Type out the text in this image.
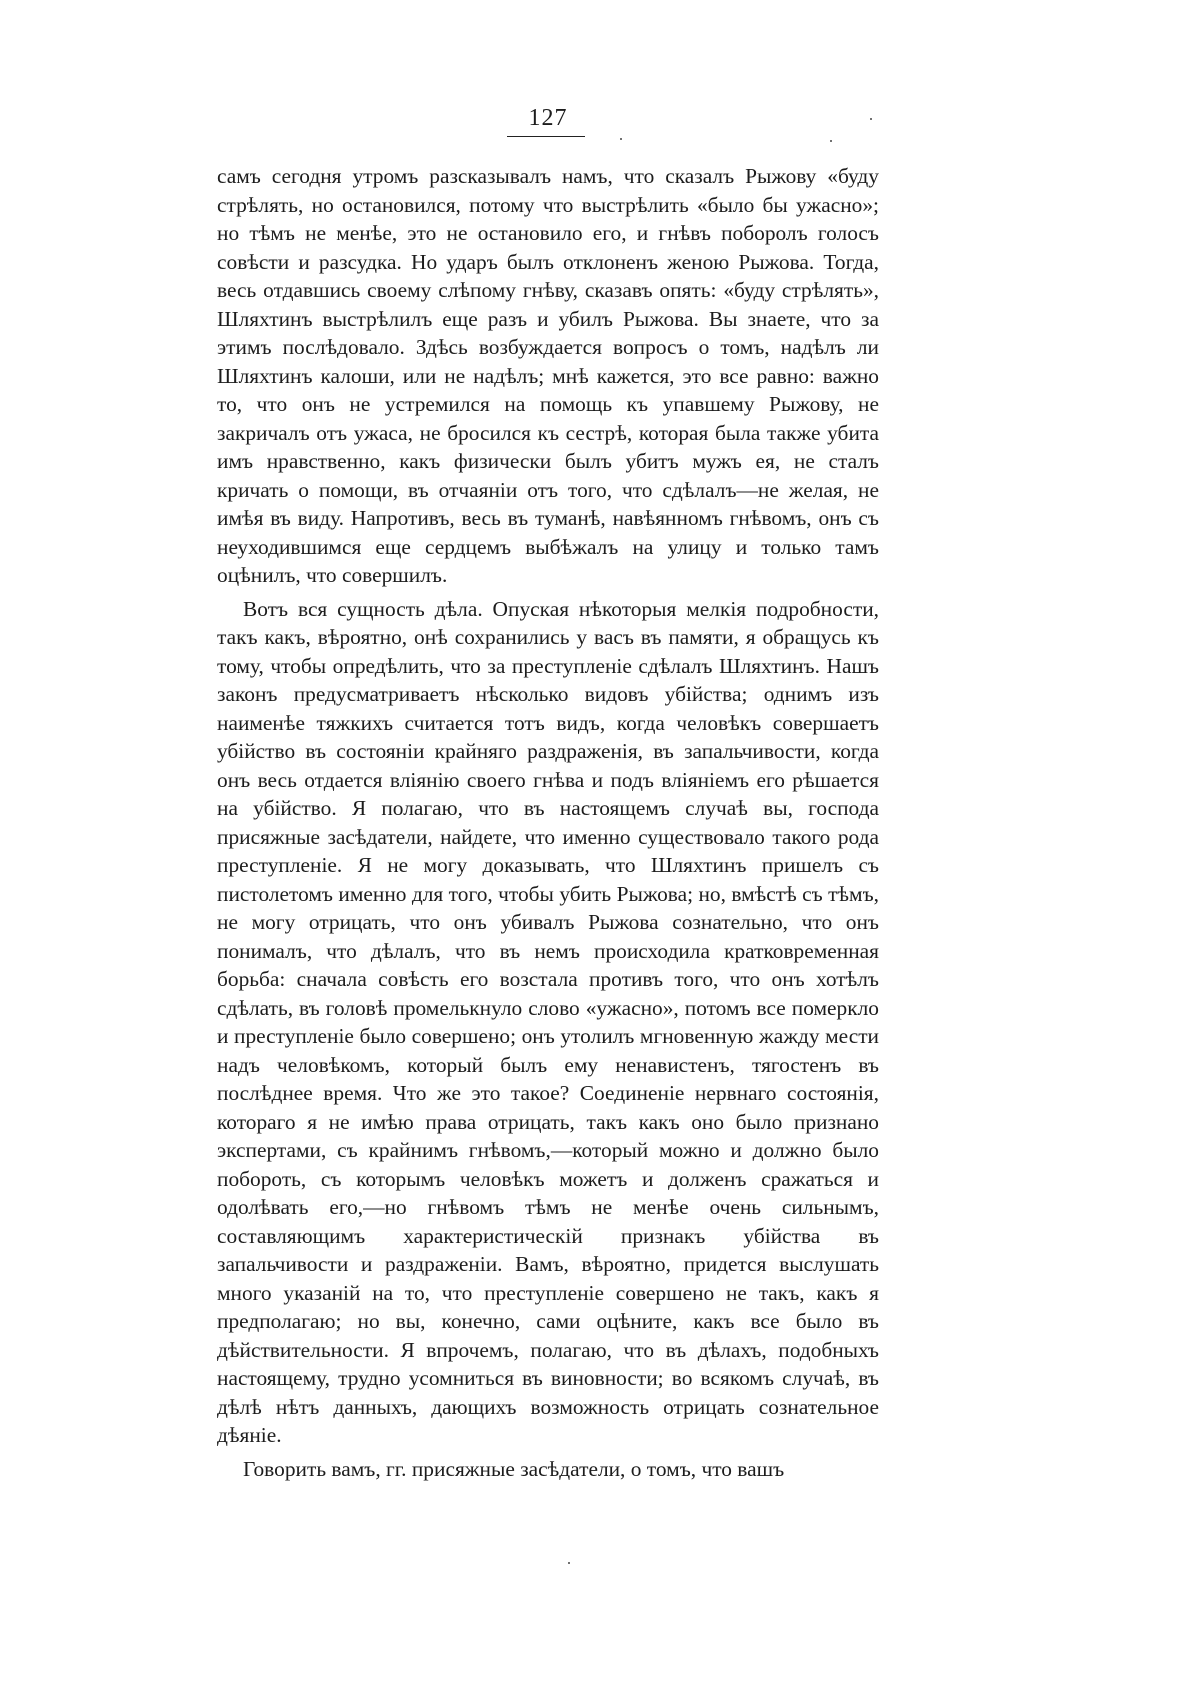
127

самъ сегодня утромъ разсказывалъ намъ, что сказалъ Рыжову «буду стрѣлять, но остановился, потому что выстрѣлить «было бы ужасно»; но тѣмъ не менѣе, это не остановило его, и гнѣвъ поборолъ голосъ совѣсти и разсудка. Но ударъ былъ отклоненъ женою Рыжова. Тогда, весь отдавшись своему слѣпому гнѣву, сказавъ опять: «буду стрѣлять», Шляхтинъ выстрѣлилъ еще разъ и убилъ Рыжова. Вы знаете, что за этимъ послѣдовало. Здѣсь возбуждается вопросъ о томъ, надѣлъ ли Шляхтинъ калоши, или не надѣлъ; мнѣ кажется, это все равно: важно то, что онъ не устремился на помощь къ упавшему Рыжову, не закричалъ отъ ужаса, не бросился къ сестрѣ, которая была также убита имъ нравственно, какъ физически былъ убитъ мужъ ея, не сталъ кричать о помощи, въ отчаяніи отъ того, что сдѣлалъ—не желая, не имѣя въ виду. Напротивъ, весь въ туманѣ, навѣянномъ гнѣвомъ, онъ съ неуходившимся еще сердцемъ выбѣжалъ на улицу и только тамъ оцѣнилъ, что совершилъ.

Вотъ вся сущность дѣла. Опуская нѣкоторыя мелкія подробности, такъ какъ, вѣроятно, онѣ сохранились у васъ въ памяти, я обращусь къ тому, чтобы опредѣлить, что за преступленіе сдѣлалъ Шляхтинъ. Нашъ законъ предусматриваетъ нѣсколько видовъ убійства; однимъ изъ наименѣе тяжкихъ считается тотъ видъ, когда человѣкъ совершаетъ убійство въ состояніи крайняго раздраженія, въ запальчивости, когда онъ весь отдается вліянію своего гнѣва и подъ вліяніемъ его рѣшается на убійство. Я полагаю, что въ настоящемъ случаѣ вы, господа присяжные засѣдатели, найдете, что именно существовало такого рода преступленіе. Я не могу доказывать, что Шляхтинъ пришелъ съ пистолетомъ именно для того, чтобы убить Рыжова; но, вмѣстѣ съ тѣмъ, не могу отрицать, что онъ убивалъ Рыжова сознательно, что онъ понималъ, что дѣлалъ, что въ немъ происходила кратковременная борьба: сначала совѣсть его возстала противъ того, что онъ хотѣлъ сдѣлать, въ головѣ промелькнуло слово «ужасно», потомъ все померкло и преступленіе было совершено; онъ утолилъ мгновенную жажду мести надъ человѣкомъ, который былъ ему ненавистенъ, тягостенъ въ послѣднее время. Что же это такое? Соединеніе нервнаго состоянія, котораго я не имѣю права отрицать, такъ какъ оно было признано экспертами, съ крайнимъ гнѣвомъ,—который можно и должно было побороть, съ которымъ человѣкъ можетъ и долженъ сражаться и одолѣвать его,—но гнѣвомъ тѣмъ не менѣе очень сильнымъ, составляющимъ характеристическій признакъ убійства въ запальчивости и раздраженіи. Вамъ, вѣроятно, придется выслушать много указаній на то, что преступленіе совершено не такъ, какъ я предполагаю; но вы, конечно, сами оцѣните, какъ все было въ дѣйствительности. Я впрочемъ, полагаю, что въ дѣлахъ, подобныхъ настоящему, трудно усомниться въ виновности; во всякомъ случаѣ, въ дѣлѣ нѣтъ данныхъ, дающихъ возможность отрицать сознательное дѣяніе.

Говорить вамъ, гг. приcяжные засѣдатели, о томъ, что вашъ
